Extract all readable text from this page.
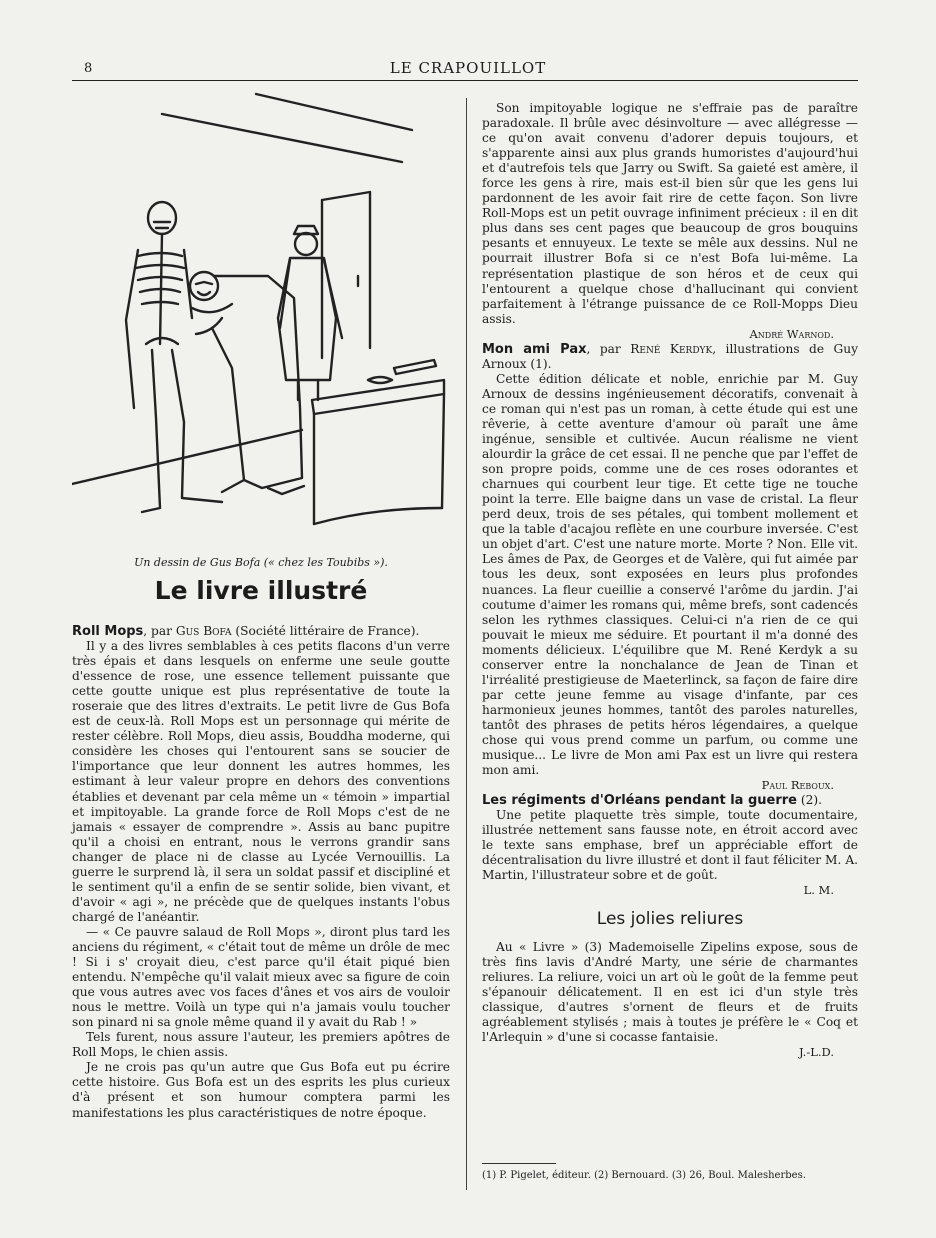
8	LE CRAPOUILLOT
Un dessin de Gus Bofa (« chez les Toubibs »).
Le livre illustré

Roll Mops, par Gus Bofa (Société littéraire de France).

Il y a des livres semblables à ces petits flacons d'un verre très épais et dans lesquels on enferme une seule goutte d'essence de rose, une essence tellement puissante que cette goutte unique est plus représentative de toute la roseraie que des litres d'extraits. Le petit livre de Gus Bofa est de ceux-là. Roll Mops est un personnage qui mérite de rester célèbre. Roll Mops, dieu assis, Bouddha moderne, qui considère les choses qui l'entourent sans se soucier de l'importance que leur donnent les autres hommes, les estimant à leur valeur propre en dehors des conventions établies et devenant par cela même un « témoin » impartial et impitoyable. La grande force de Roll Mops c'est de ne jamais « essayer de comprendre ». Assis au banc pupitre qu'il a choisi en entrant, nous le verrons grandir sans changer de place ni de classe au Lycée Vernouillis. La guerre le surprend là, il sera un soldat passif et discipliné et le sentiment qu'il a enfin de se sentir solide, bien vivant, et d'avoir « agi », ne précède que de quelques instants l'obus chargé de l'anéantir.

— « Ce pauvre salaud de Roll Mops », diront plus tard les anciens du régiment, « c'était tout de même un drôle de mec ! Si i s' croyait dieu, c'est parce qu'il était piqué bien entendu. N'empêche qu'il valait mieux avec sa figure de coin que vous autres avec vos faces d'ânes et vos airs de vouloir nous le mettre. Voilà un type qui n'a jamais voulu toucher son pinard ni sa gnole même quand il y avait du Rab ! »

Tels furent, nous assure l'auteur, les premiers apôtres de Roll Mops, le chien assis.

Je ne crois pas qu'un autre que Gus Bofa eut pu écrire cette histoire. Gus Bofa est un des esprits les plus curieux d'à présent et son humour comptera parmi les manifestations les plus caractéristiques de notre époque.

Son impitoyable logique ne s'effraie pas de paraître paradoxale. Il brûle avec désinvolture — avec allégresse — ce qu'on avait convenu d'adorer depuis toujours, et s'apparente ainsi aux plus grands humoristes d'aujourd'hui et d'autrefois tels que Jarry ou Swift. Sa gaieté est amère, il force les gens à rire, mais est-il bien sûr que les gens lui pardonnent de les avoir fait rire de cette façon. Son livre Roll-Mops est un petit ouvrage infiniment précieux : il en dit plus dans ses cent pages que beaucoup de gros bouquins pesants et ennuyeux. Le texte se mêle aux dessins. Nul ne pourrait illustrer Bofa si ce n'est Bofa lui-même. La représentation plastique de son héros et de ceux qui l'entourent a quelque chose d'hallucinant qui convient parfaitement à l'étrange puissance de ce Roll-Mopps Dieu assis.

André Warnod.

Mon ami Pax, par René Kerdyk, illustrations de Guy Arnoux (1).

Cette édition délicate et noble, enrichie par M. Guy Arnoux de dessins ingénieusement décoratifs, convenait à ce roman qui n'est pas un roman, à cette étude qui est une rêverie, à cette aventure d'amour où paraît une âme ingénue, sensible et cultivée. Aucun réalisme ne vient alourdir la grâce de cet essai. Il ne penche que par l'effet de son propre poids, comme une de ces roses odorantes et charnues qui courbent leur tige. Et cette tige ne touche point la terre. Elle baigne dans un vase de cristal. La fleur perd deux, trois de ses pétales, qui tombent mollement et que la table d'acajou reflète en une courbure inversée. C'est un objet d'art. C'est une nature morte. Morte ? Non. Elle vit. Les âmes de Pax, de Georges et de Valère, qui fut aimée par tous les deux, sont exposées en leurs plus profondes nuances. La fleur cueillie a conservé l'arôme du jardin. J'ai coutume d'aimer les romans qui, même brefs, sont cadencés selon les rythmes classiques. Celui-ci n'a rien de ce qui pouvait le mieux me séduire. Et pourtant il m'a donné des moments délicieux. L'équilibre que M. René Kerdyk a su conserver entre la nonchalance de Jean de Tinan et l'irréalité prestigieuse de Maeterlinck, sa façon de faire dire par cette jeune femme au visage d'infante, par ces harmonieux jeunes hommes, tantôt des paroles naturelles, tantôt des phrases de petits héros légendaires, a quelque chose qui vous prend comme un parfum, ou comme une musique... Le livre de Mon ami Pax est un livre qui restera mon ami.

Paul Reboux.

Les régiments d'Orléans pendant la guerre (2).

Une petite plaquette très simple, toute documentaire, illustrée nettement sans fausse note, en étroit accord avec le texte sans emphase, bref un appréciable effort de décentralisation du livre illustré et dont il faut féliciter M. A. Martin, l'illustrateur sobre et de goût.

L. M.
Les jolies reliures

Au « Livre » (3) Mademoiselle Zipelins expose, sous de très fins lavis d'André Marty, une série de charmantes reliures. La reliure, voici un art où le goût de la femme peut s'épanouir délicatement. Il en est ici d'un style très classique, d'autres s'ornent de fleurs et de fruits agréablement stylisés ; mais à toutes je préfère le « Coq et l'Arlequin » d'une si cocasse fantaisie.

J.-L.D.
(1) P. Pigelet, éditeur. (2) Bernouard. (3) 26, Boul. Malesherbes.
